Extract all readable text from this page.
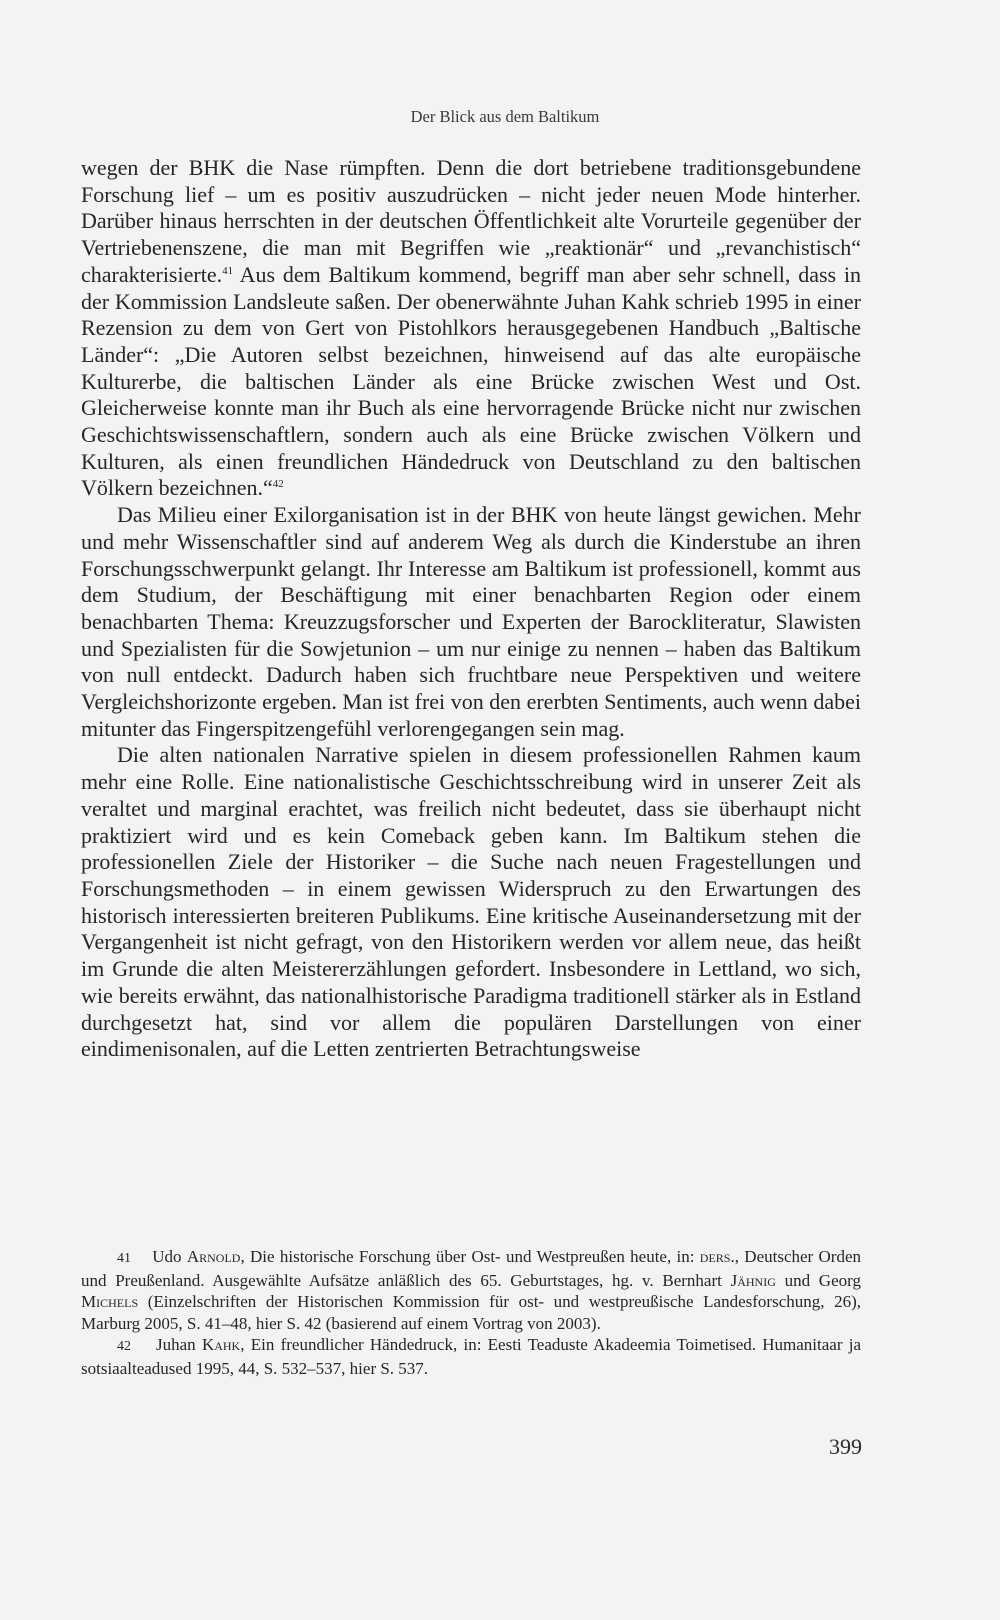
Der Blick aus dem Baltikum

wegen der BHK die Nase rümpften. Denn die dort betriebene traditionsgebundene Forschung lief – um es positiv auszudrücken – nicht jeder neuen Mode hinterher. Darüber hinaus herrschten in der deutschen Öffentlichkeit alte Vorurteile gegenüber der Vertriebenenszene, die man mit Begriffen wie „reaktionär“ und „revanchistisch“ charakterisierte.$^{41}$ Aus dem Baltikum kommend, begriff man aber sehr schnell, dass in der Kommission Landsleute saßen. Der obenerwähnte Juhan Kahk schrieb 1995 in einer Rezension zu dem von Gert von Pistohlkors herausgegebenen Handbuch „Baltische Länder“: „Die Autoren selbst bezeichnen, hinweisend auf das alte europäische Kulturerbe, die baltischen Länder als eine Brücke zwischen West und Ost. Gleicherweise konnte man ihr Buch als eine hervorragende Brücke nicht nur zwischen Geschichtswissenschaftlern, sondern auch als eine Brücke zwischen Völkern und Kulturen, als einen freundlichen Händedruck von Deutschland zu den baltischen Völkern bezeichnen.“$^{42}$

Das Milieu einer Exilorganisation ist in der BHK von heute längst gewichen. Mehr und mehr Wissenschaftler sind auf anderem Weg als durch die Kinderstube an ihren Forschungsschwerpunkt gelangt. Ihr Interesse am Baltikum ist professionell, kommt aus dem Studium, der Beschäftigung mit einer benachbarten Region oder einem benachbarten Thema: Kreuzzugsforscher und Experten der Barockliteratur, Slawisten und Spezialisten für die Sowjetunion – um nur einige zu nennen – haben das Baltikum von null entdeckt. Dadurch haben sich fruchtbare neue Perspektiven und weitere Vergleichshorizonte ergeben. Man ist frei von den ererbten Sentiments, auch wenn dabei mitunter das Fingerspitzengefühl verlorengegangen sein mag.

Die alten nationalen Narrative spielen in diesem professionellen Rahmen kaum mehr eine Rolle. Eine nationalistische Geschichtsschreibung wird in unserer Zeit als veraltet und marginal erachtet, was freilich nicht bedeutet, dass sie überhaupt nicht praktiziert wird und es kein Comeback geben kann. Im Baltikum stehen die professionellen Ziele der Historiker – die Suche nach neuen Fragestellungen und Forschungsmethoden – in einem gewissen Widerspruch zu den Erwartungen des historisch interessierten breiteren Publikums. Eine kritische Auseinandersetzung mit der Vergangenheit ist nicht gefragt, von den Historikern werden vor allem neue, das heißt im Grunde die alten Meistererzählungen gefordert. Insbesondere in Lettland, wo sich, wie bereits erwähnt, das nationalhistorische Paradigma traditionell stärker als in Estland durchgesetzt hat, sind vor allem die populären Darstellungen von einer eindimenisonalen, auf die Letten zentrierten Betrachtungsweise

41 Udo Arnold, Die historische Forschung über Ost- und Westpreußen heute, in: ders., Deutscher Orden und Preußenland. Ausgewählte Aufsätze anläßlich des 65. Geburtstages, hg. v. Bernhart Jähnig und Georg Michels (Einzelschriften der Historischen Kommission für ost- und westpreußische Landesforschung, 26), Marburg 2005, S. 41–48, hier S. 42 (basierend auf einem Vortrag von 2003).

42 Juhan Kahk, Ein freundlicher Händedruck, in: Eesti Teaduste Akadeemia Toimetised. Humanitaar ja sotsiaalteadused 1995, 44, S. 532–537, hier S. 537.

399
